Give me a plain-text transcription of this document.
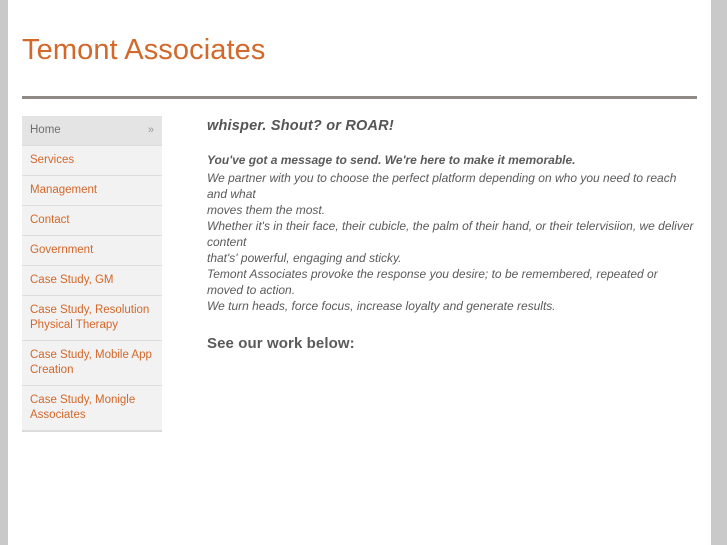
Temont Associates
Home	»
Services
Management
Contact
Government
Case Study, GM
Case Study, Resolution Physical Therapy
Case Study, Mobile App Creation
Case Study, Monigle Associates

whisper. Shout? or ROAR!

You've got a message to send. We're here to make it memorable.

We partner with you to choose the perfect platform depending on who you need to reach and what

moves them the most.

Whether it's in their face, their cubicle, the palm of their hand, or their telervisiion, we deliver content

that's' powerful, engaging and sticky.

Temont Associates provoke the response you desire; to be remembered, repeated or moved to action.

We turn heads, force focus, increase loyalty and generate results.

See our work below:
